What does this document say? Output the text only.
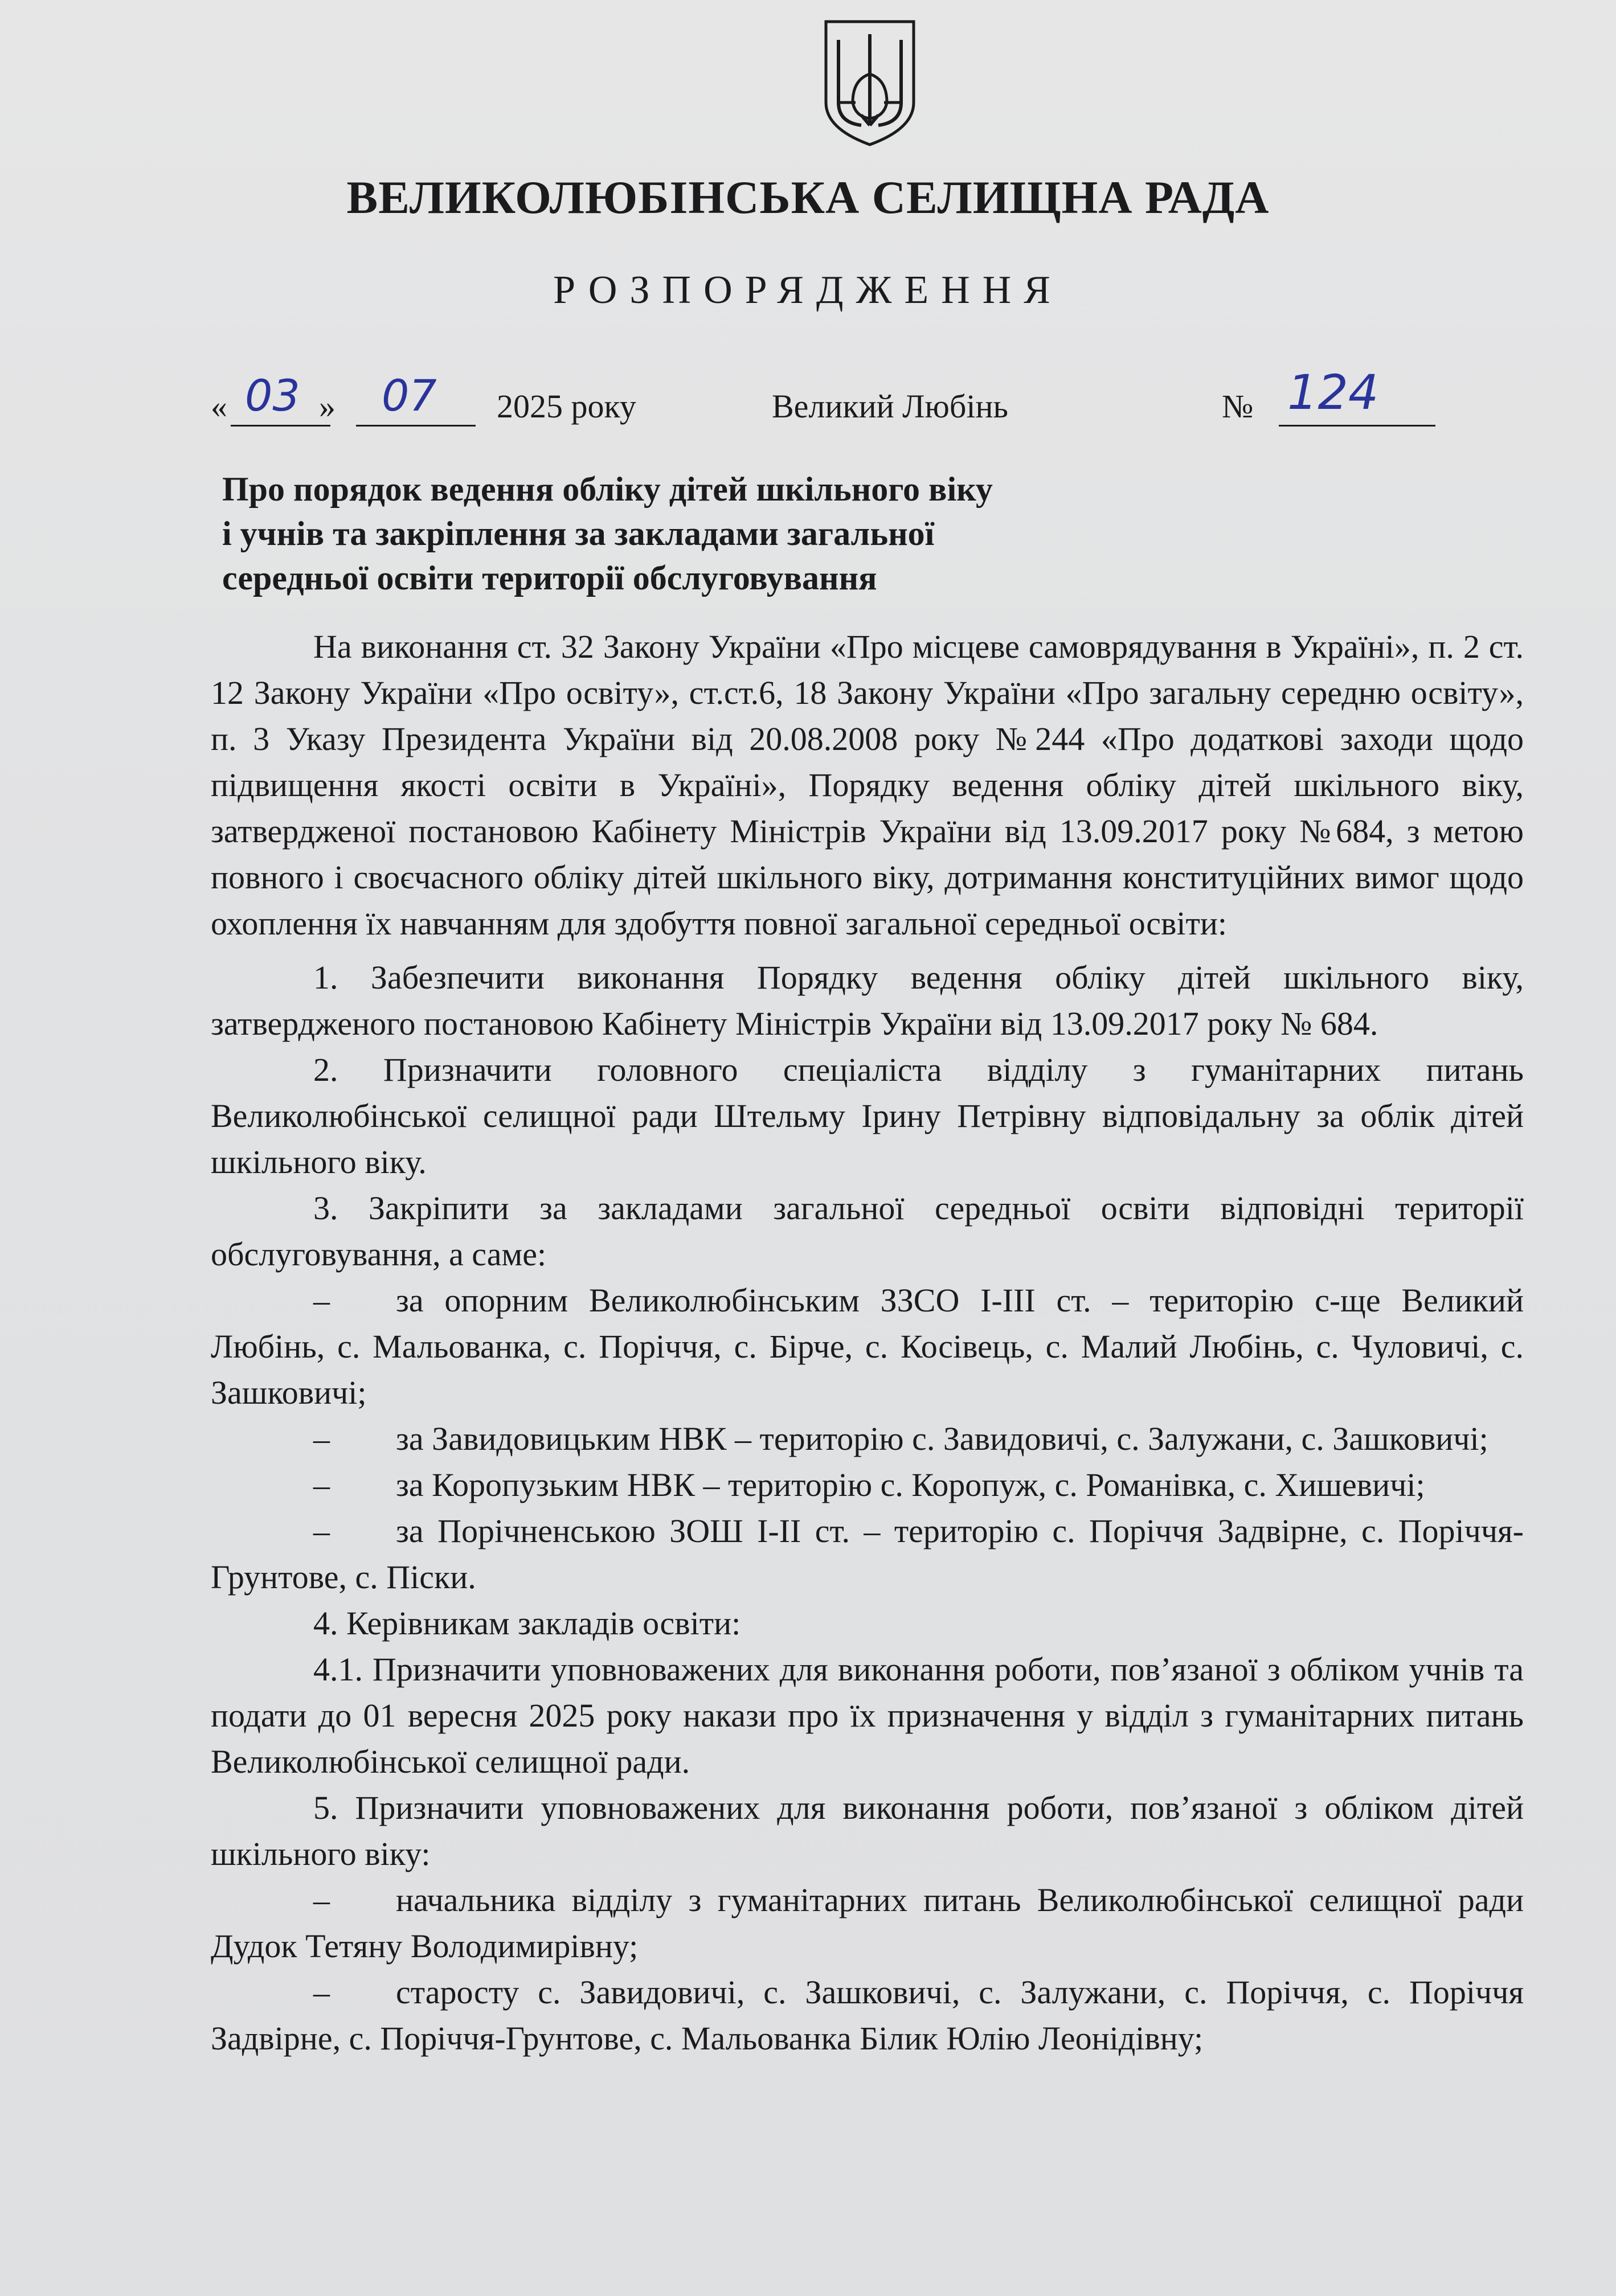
ВЕЛИКОЛЮБІНСЬКА СЕЛИЩНА РАДА
РОЗПОРЯДЖЕННЯ
« 03 » 07 2025 року	Великий Любінь	№ 124
Про порядок ведення обліку дітей шкільного віку
і учнів та закріплення за закладами загальної
середньої освіти території обслуговування

На виконання ст. 32 Закону України «Про місцеве самоврядування в Україні», п. 2 ст. 12 Закону України «Про освіту», ст.ст.6, 18 Закону України «Про загальну середню освіту», п. 3 Указу Президента України від 20.08.2008 року №244 «Про додаткові заходи щодо підвищення якості освіти в Україні», Порядку ведення обліку дітей шкільного віку, затвердженої постановою Кабінету Міністрів України від 13.09.2017 року №684, з метою повного і своєчасного обліку дітей шкільного віку, дотримання конституційних вимог щодо охоплення їх навчанням для здобуття повної загальної середньої освіти:

1. Забезпечити виконання Порядку ведення обліку дітей шкільного віку, затвердженого постановою Кабінету Міністрів України від 13.09.2017 року № 684.

2. Призначити головного спеціаліста відділу з гуманітарних питань Великолюбінської селищної ради Штельму Ірину Петрівну відповідальну за облік дітей шкільного віку.

3. Закріпити за закладами загальної середньої освіти відповідні території обслуговування, а саме:

–  за опорним Великолюбінським ЗЗСО І-ІІІ ст. – територію с-ще Великий Любінь, с. Мальованка, с. Поріччя, с. Бірче, с. Косівець, с. Малий Любінь, с. Чуловичі, с. Зашковичі;

–  за Завидовицьким НВК – територію с. Завидовичі, с. Залужани, с. Зашковичі;

–  за Коропузьким НВК – територію с. Коропуж, с. Романівка, с. Хишевичі;

–  за Порічненською ЗОШ І-ІІ ст. – територію с. Поріччя Задвірне, с. Поріччя-Грунтове, с. Піски.

4. Керівникам закладів освіти:

4.1. Призначити уповноважених для виконання роботи, пов’язаної з обліком учнів та подати до 01 вересня 2025 року накази про їх призначення у відділ з гуманітарних питань Великолюбінської селищної ради.

5. Призначити уповноважених для виконання роботи, пов’язаної з обліком дітей шкільного віку:

–  начальника відділу з гуманітарних питань Великолюбінської селищної ради Дудок Тетяну Володимирівну;

–  старосту с. Завидовичі, с. Зашковичі, с. Залужани, с. Поріччя, с. Поріччя Задвірне, с. Поріччя-Грунтове, с. Мальованка Білик Юлію Леонідівну;
